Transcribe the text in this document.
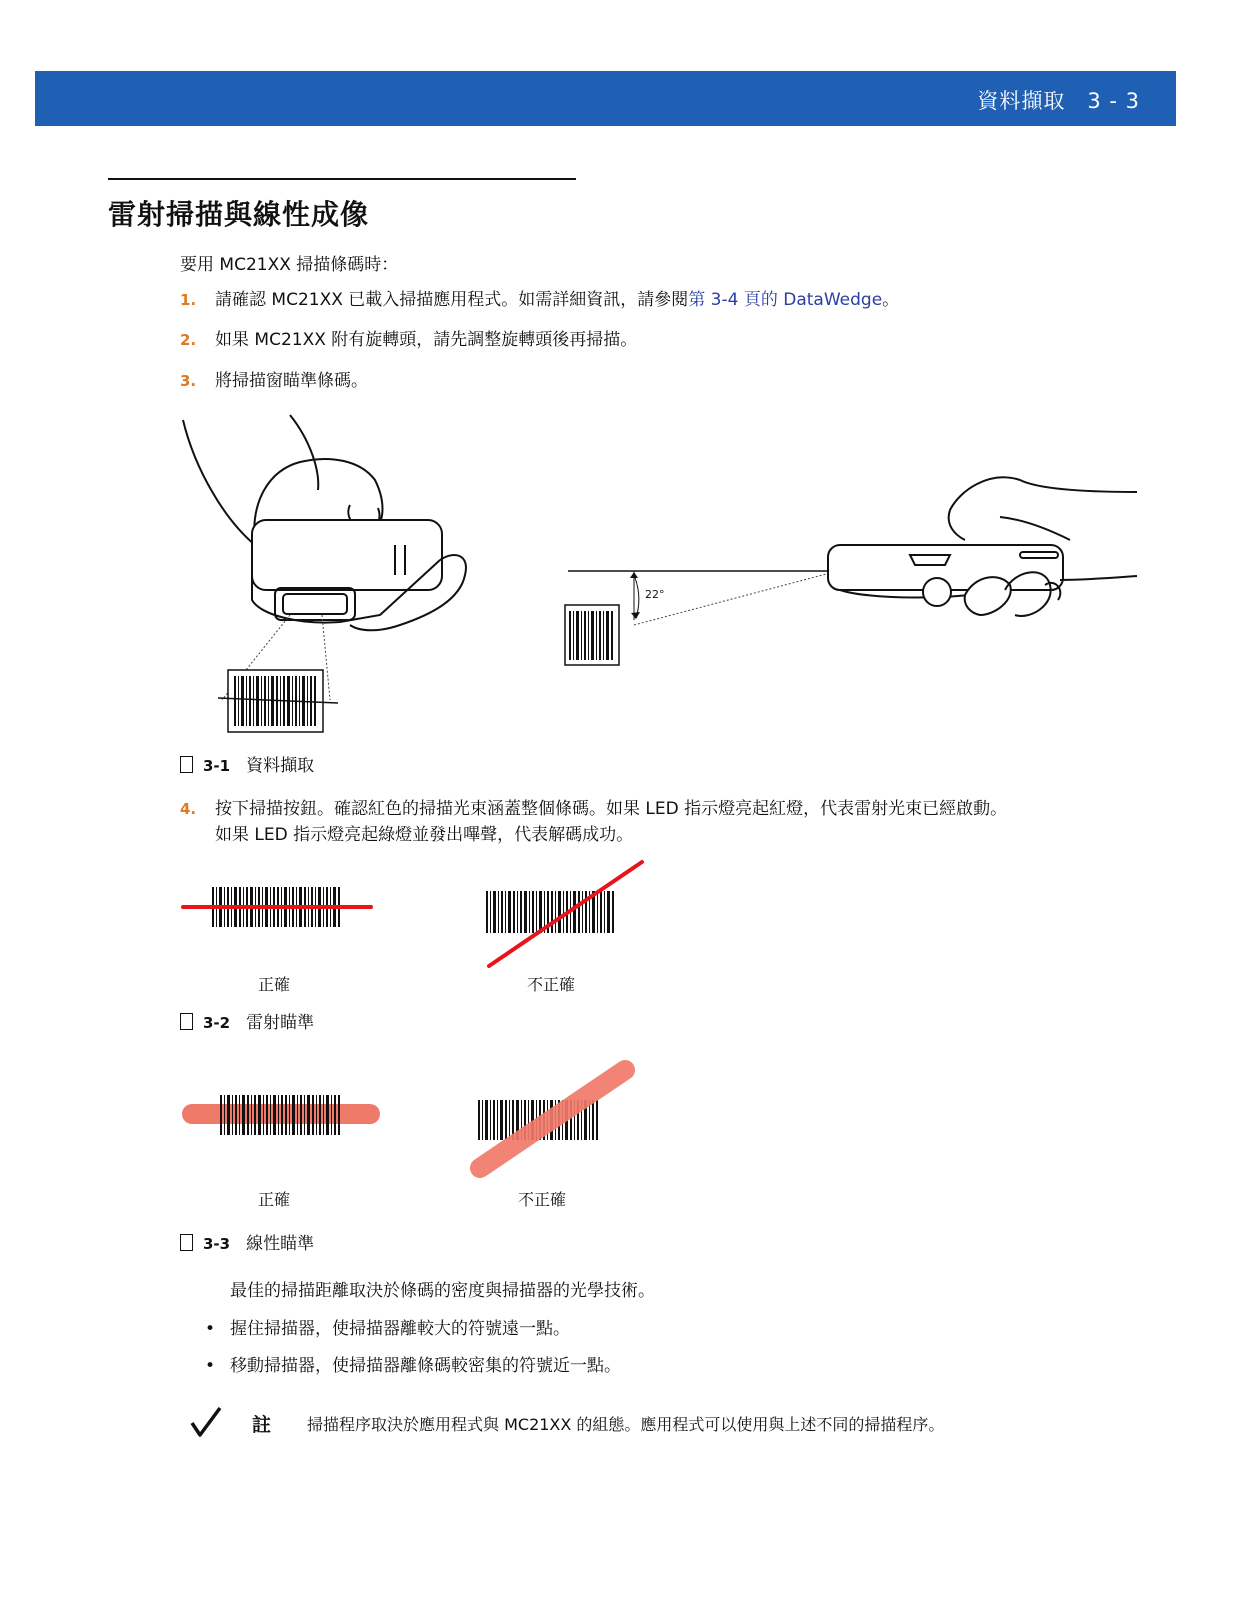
資料擷取 3 - 3
雷射掃描與線性成像
要用 MC21XX 掃描條碼時：
1. 請確認 MC21XX 已載入掃描應用程式。如需詳細資訊，請參閱第 3-4 頁的 DataWedge。
2. 如果 MC21XX 附有旋轉頭，請先調整旋轉頭後再掃描。
3. 將掃描窗瞄準條碼。
22°
3-1 資料擷取
4. 按下掃描按鈕。確認紅色的掃描光束涵蓋整個條碼。如果 LED 指示燈亮起紅燈，代表雷射光束已經啟動。
如果 LED 指示燈亮起綠燈並發出嗶聲，代表解碼成功。
正確	不正確
3-2 雷射瞄準
正確	不正確
3-3 線性瞄準
最佳的掃描距離取決於條碼的密度與掃描器的光學技術。
• 握住掃描器，使掃描器離較大的符號遠一點。
• 移動掃描器，使掃描器離條碼較密集的符號近一點。
註 掃描程序取決於應用程式與 MC21XX 的組態。應用程式可以使用與上述不同的掃描程序。
